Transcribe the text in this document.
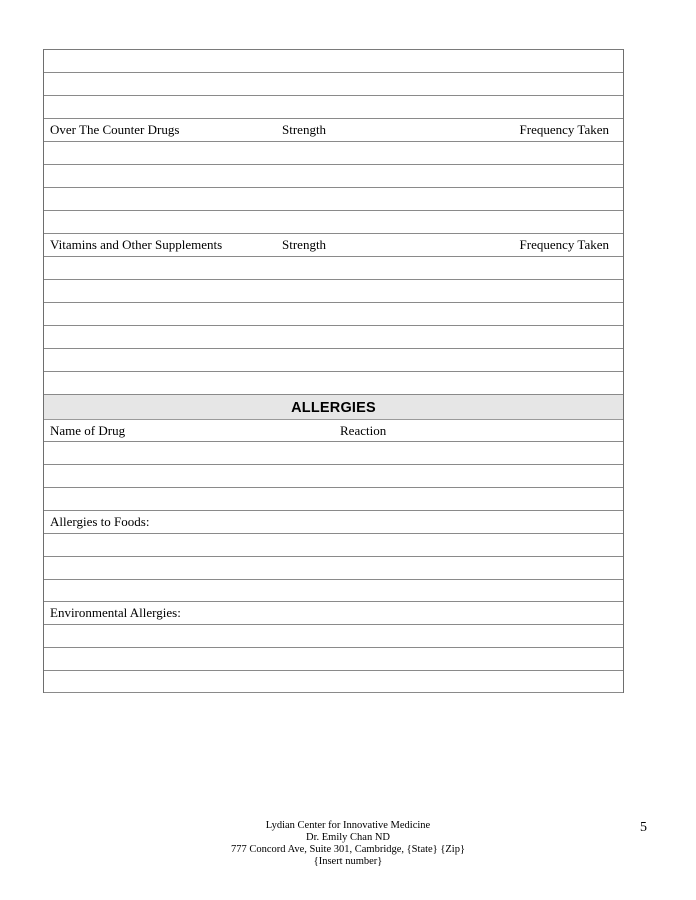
Over The Counter Drugs	Strength	Frequency Taken
Vitamins and Other Supplements	Strength	Frequency Taken
ALLERGIES
Name of Drug	Reaction
Allergies to Foods:
Environmental Allergies:
Lydian Center for Innovative Medicine
Dr. Emily Chan ND
777 Concord Ave, Suite 301, Cambridge, {State} {Zip}
{Insert number}
5
